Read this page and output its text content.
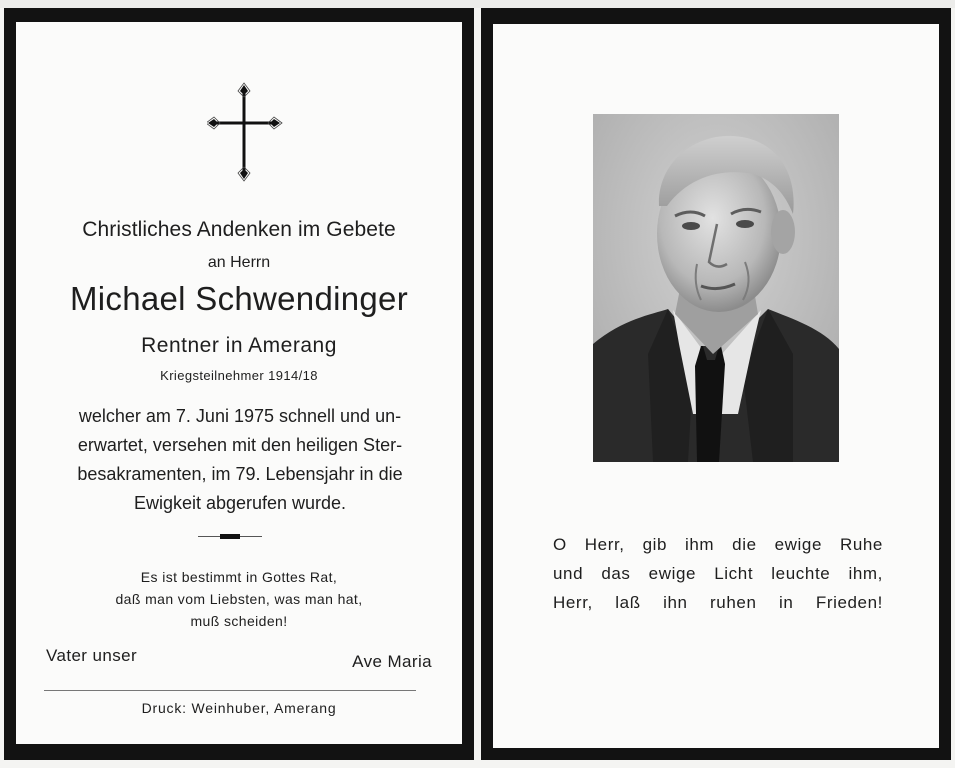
Christliches Andenken im Gebete
an Herrn
Michael Schwendinger
Rentner in Amerang
Kriegsteilnehmer 1914/18
welcher am 7. Juni 1975 schnell und un-
erwartet, versehen mit den heiligen Ster-
besakramenten, im 79. Lebensjahr in die
Ewigkeit abgerufen wurde.
Es ist bestimmt in Gottes Rat,
daß man vom Liebsten, was man hat,
muß scheiden!
Vater unser	Ave Maria
Druck: Weinhuber, Amerang
O Herr, gib ihm die ewige Ruhe
und das ewige Licht leuchte ihm,
Herr, laß ihn ruhen in Frieden!
